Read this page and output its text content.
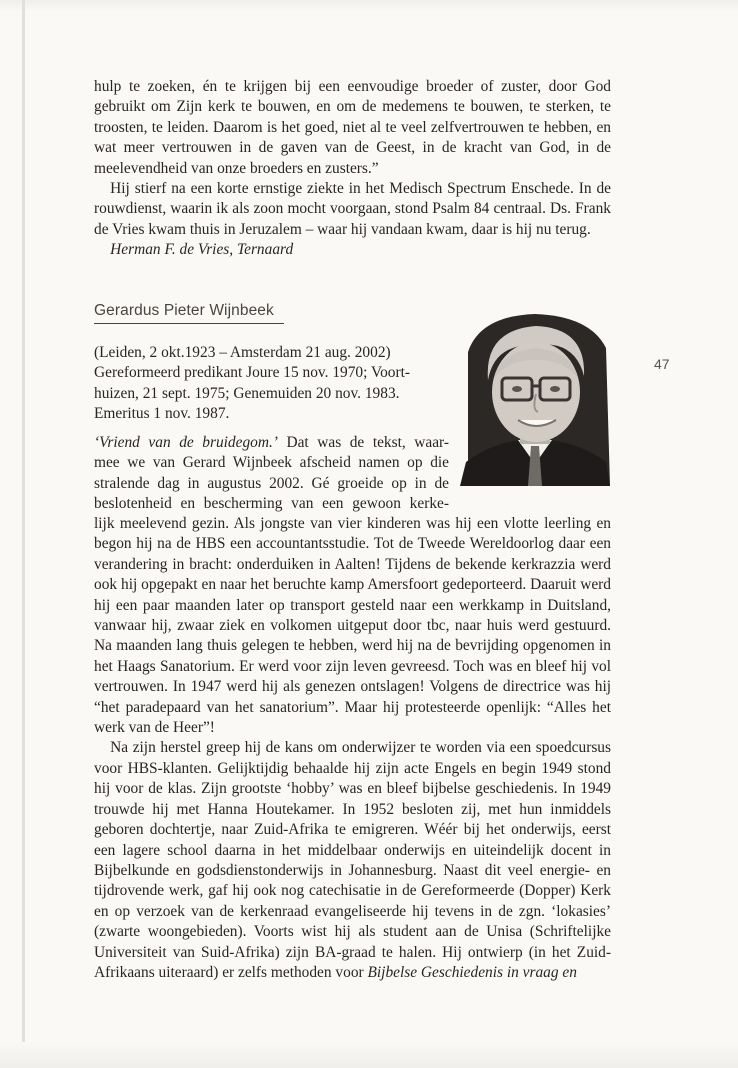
hulp te zoeken, én te krijgen bij een eenvoudige broeder of zuster, door God gebruikt om Zijn kerk te bouwen, en om de medemens te bouwen, te sterken, te troosten, te leiden. Daarom is het goed, niet al te veel zelfvertrouwen te hebben, en wat meer vertrouwen in de gaven van de Geest, in de kracht van God, in de meelevendheid van onze broeders en zusters.”

Hij stierf na een korte ernstige ziekte in het Medisch Spectrum Enschede. In de rouwdienst, waarin ik als zoon mocht voorgaan, stond Psalm 84 centraal. Ds. Frank de Vries kwam thuis in Jeruzalem – waar hij vandaan kwam, daar is hij nu terug.

Herman F. de Vries, Ternaard

Gerardus Pieter Wijnbeek
47
(Leiden, 2 okt.1923 – Amsterdam 21 aug. 2002)
Gereformeerd predikant Joure 15 nov. 1970; Voort-
huizen, 21 sept. 1975; Genemuiden 20 nov. 1983.
Emeritus 1 nov. 1987.
‘Vriend van de bruidegom.’ Dat was de tekst, waar-
mee we van Gerard Wijnbeek afscheid namen op die
stralende dag in augustus 2002. Gé groeide op in de
beslotenheid en bescherming van een gewoon kerke-

lijk meelevend gezin. Als jongste van vier kinderen was hij een vlotte leerling en begon hij na de HBS een accountantsstudie. Tot de Tweede Wereldoorlog daar een verandering in bracht: onderduiken in Aalten! Tijdens de bekende kerkrazzia werd ook hij opgepakt en naar het beruchte kamp Amersfoort gedeporteerd. Daaruit werd hij een paar maanden later op transport gesteld naar een werkkamp in Duitsland, vanwaar hij, zwaar ziek en volkomen uitgeput door tbc, naar huis werd gestuurd. Na maanden lang thuis gelegen te hebben, werd hij na de bevrijding opgenomen in het Haags Sanatorium. Er werd voor zijn leven gevreesd. Toch was en bleef hij vol vertrouwen. In 1947 werd hij als genezen ontslagen! Volgens de directrice was hij “het paradepaard van het sanatorium”. Maar hij protesteerde openlijk: “Alles het werk van de Heer”!

Na zijn herstel greep hij de kans om onderwijzer te worden via een spoedcursus voor HBS-klanten. Gelijktijdig behaalde hij zijn acte Engels en begin 1949 stond hij voor de klas. Zijn grootste ‘hobby’ was en bleef bijbelse geschiedenis. In 1949 trouwde hij met Hanna Houtekamer. In 1952 besloten zij, met hun inmiddels geboren dochtertje, naar Zuid-Afrika te emigreren. Wéér bij het onderwijs, eerst een lagere school daarna in het middelbaar onderwijs en uiteindelijk docent in Bijbelkunde en godsdienstonderwijs in Johannesburg. Naast dit veel energie- en tijdrovende werk, gaf hij ook nog catechisatie in de Gereformeerde (Dopper) Kerk en op verzoek van de kerkenraad evangeliseerde hij tevens in de zgn. ‘lokasies’ (zwarte woongebieden). Voorts wist hij als student aan de Unisa (Schriftelijke Universiteit van Suid-Afrika) zijn BA-graad te halen. Hij ontwierp (in het Zuid-Afrikaans uiteraard) er zelfs methoden voor Bijbelse Geschiedenis in vraag en
